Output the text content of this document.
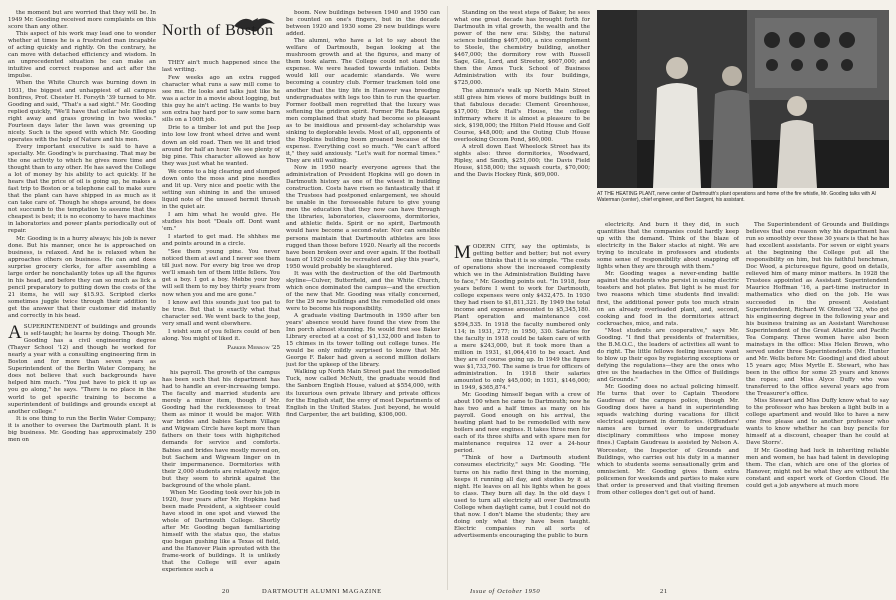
the moment but are worried that they will be. In 1949 Mr. Gooding received more complaints on this score than any other.

This aspect of his work may lead one to wonder whether at times he is a frustrated man incapable of acting quickly and rightly. On the contrary, he can move with detached efficiency and wisdom. In an unprecedented situation he can make an intuitive and correct response and act after the impulse.

When the White Church was burning down in 1931, the biggest and unhappiest of all campus bonfires, Prof. Chester H. Forsyth '39 turned to Mr. Gooding and said, "That's a sad sight." Mr. Gooding replied quickly, "We'll have that cellar hole filled up right away and grass growing in two weeks." Fourteen days later the lawn was greening up nicely. Such is the speed with which Mr. Gooding operates with the help of Nature and his men.

Every important executive is said to have a specialty. Mr. Gooding's is purchasing. That may be the one activity to which he gives more time and thought than to any other. He has saved the College a lot of money by his ability to act quickly. If he hears that the price of oil is going up, he makes a fast trip to Boston or a telephone call to make sure that the plant can have shipped in as much as it can take care of. Though he shops around, he does not succumb to the temptation to assume that the cheapest is best; it is no economy to have machines in laboratories and power plants periodically out of repair.

Mr. Gooding is in a hurry always; his job is never done. But his manner, once he is approached on business, is relaxed. And he is relaxed when he approaches others on business. He can and does surprise grocery clerks, for after assembling a large order he nonchalantly totes up all the figures in his head, and before they can so much as lick a pencil preparatory to putting down the costs of the 21 items, he will say $15.93. Scripted clerks sometimes juggle twice through their addition to get the answer that their customer did instantly and correctly in his head.

ASUPERINTENDENT of buildings and grounds is self-taught; he learns by doing. Though Mr. Gooding has a civil engineering degree (Thayer School '12) and though he worked for nearly a year with a consulting engineering firm in Boston and for more than seven years as Superintendent of the Berlin Water Company, he does not believe that such backgrounds have helped him much. "You just have to pick it up as you go along," he says. "There is no place in the world to get specific training to become a superintendent of buildings and grounds except at another college."

It is one thing to run the Berlin Water Company; it is another to oversee the Dartmouth plant. It is big business. Mr. Gooding has approximately 250 men on

North of Boston

THEY ain't much happened since the last writing.

Few weeks ago an extra rugged character what runs a saw mill come to see me. He looks and talks just like he was a actor in a movie about logging, but this guy he ain't acting. He wants to buy son extra hay hard por to saw some barn sills on a 100ft job.

Drie to a timber lot and put the Jeep into low low front wheel drive and went down an old road. Then we lit and tried around for half an hour. We see plenty of big pine. This character allowed as how they was just what he wanted.

We come to a big clearing and slumped down onto the moss and pine needles and lit up. Very nice and poetic with the setting sun shining in and the unused liquid note of the unused hermit thrush in the quiet air.

I am him what he would give. He studies his boot "Deals off. Dont want 'em."

I started to get mad. He shhhes me and points around in a circle.

"See them young pine. You never noticed them at awl and I never see them till just now. For every big tree we drop we'll smash ten of them little fellers. You get a boy. I got a boy. Mebbe your boy will sell them to my boy thirty years from now when you and me are gone."

I know awl this sounds just too pat to be true. But that is exactly what that character sed. We went back to the jeep, very small and went elsewhere.

I wisht sum of you fellers could of ben along. You might of liked it.

Parker Merrow '25

his payroll. The growth of the campus has been such that his department has had to handle an ever-increasing tempo. The faculty and married students are merely a minor item, though if Mr. Gooding had the recklessness to treat them as minor it would be major. With war brides and babies Sachem Village and Wigwam Circle have kept more than fathers on their toes with highpitched demands for service and comforts. Babies and brides have mostly moved on, but Sachem and Wigwam linger on in their impermanence. Dormitories with their 2,000 students are relatively major, but they seem to shrink against the background of the whole plant.

When Mr. Gooding took over his job in 1920, four years after Mr. Hopkins had been made President, a sightseer could have stood in one spot and viewed the whole of Dartmouth College. Shortly after Mr. Gooding began familiarizing himself with the status quo, the status quo began gushing like a Texas oil field, and the Hanover Plain sprouted with the frame-work of buildings. It is unlikely that the College will ever again experience such a

boom. New buildings between 1940 and 1950 can be counted on one's fingers, but in the decade between 1920 and 1930 some 29 new buildings were added.

The alumni, who have a lot to say about the welfare of Dartmouth, began looking at the mushroom growth and at the figures, and many of them took alarm. The College could not stand the expense. We were headed towards inflation. Debts would kill our academic standards. We were becoming a country club. Former trackmen told one another that the tiny life in Hanover was breeding undergraduates with legs too thin to run the quarter. Former football men regretted that the luxury was softening the gridiron spirit. Former Phi Beta Kappa men complained that study had become so pleasant as to be insidious and present-day scholarship was sinking to deplorable levels. Most of all, opponents of the Hopkins building boom groaned because of the expense. Everything cost so much. "We can't afford it," they said anxiously. "Let's wait for normal times." They are still waiting.

Now in 1950 nearly everyone agrees that the administration of President Hopkins will go down in Dartmouth history as one of the wisest in building construction. Costs have risen so fantastically that if the Trustees had postponed enlargement, we should be unable in the foreseeable future to give young men the education that they now can have through the libraries, laboratories, classrooms, dormitories, and athletic fields. Spirit or no spirit, Dartmouth would have become a second-rater. Nor can sensible persons maintain that Dartmouth athletes are less rugged than those before 1920. Nearly all the records have been broken over and over again. If the football team of 1920 could be recreated and play this year's, 1950 would probably be slaughtered.

It was with the destruction of the old Dartmouth skyline—Culver, Butterfield, and the White Church, which once dominated the campus—and the erection of the new that Mr. Gooding was vitally concerned, for the 29 new buildings and the remodelled old ones were to become his responsibility.

A graduate visiting Dartmouth in 1950 after ten years' absence would have found the view from the Inn porch almost stunning. He would first see Baker Library erected at a cost of $1,132,000 and listen to 15 chimes in its tower tolling out college tunes. He would be only mildly surprised to know that Mr. George F. Baker had given a second million dollars just for the upkeep of the library.

Walking up North Main Street past the remodelled Tuck, now called McNutt, the graduate would find the Sanborn English House, valued at $554,000, with its luxurious own private library and private offices for the English staff, the envy of most Departments of English in the United States. Just beyond, he would find Carpenter, the art building, $306,000.

Standing on the west steps of Baker, he sees what one great decade has brought forth for Dartmouth in vital growth, the wealth and the power of the new era: Silsby, the natural science building $467,000, a nice complement to Steele, the chemistry building, another $467,000; the dormitory row with Russell Sage, Gile, Lord, and Streeter, $607,000; and then the Amos Tuck School of Business Administration with its four buildings, $725,000.

The alumnus's walk up North Main Street still gives him views of more buildings built in that fabulous decade: Clement Greenhouse, $17,000; Dick Hall's House, the college infirmary where it is almost a pleasure to be sick, $198,000; the Hilton Field House and Golf Course, $48,000; and the Outing Club House overlooking Occom Pond, $60,000.

A stroll down East Wheelock Street has its sights also: three dormitories, Woodward, Ripley, and Smith, $251,000; the Davis Field House, $158,000; the squash courts, $70,000; and the Davis Hockey Rink, $69,000.

MODERN CITY, say the optimists, is getting better and better; but not every one thinks that it is so simple. "The costs of operations show the increased complexity which we in the Administration Building have to face," Mr. Gooding points out. "In 1918, four years before I went to work for Dartmouth, college expenses were only $432,475. In 1930 they had risen to $1,811,321. By 1949 the total income and expense amounted to $5,345,180. Plant operation and maintenance cost $594,535. In 1918 the faculty numbered only 114; in 1931, 277; in 1950, 330. Salaries for the faculty in 1918 could be taken care of with a mere $243,000, but it took more than a million in 1931, $1,064,416 to be exact. And they are of course going up. In 1949 the figure was $1,733,760. The same is true for officers of administration. In 1918 their salaries amounted to only $45,000; in 1931, $146,000; in 1949, $365,874."

Mr. Gooding himself began with a crew of about 100 when he came to Dartmouth; now he has two and a half times as many on his payroll. Good enough on his arrival, the heating plant had to be remodelled with new boilers and new engines. It takes three men for each of its three shifts and with spare men for maintenance requires 12 over a 24-hour period.

"Think of how a Dartmouth student consumes electricity," says Mr. Gooding. "He turns on his radio first thing in the morning, keeps it running all day, and studies by it at night. He leaves on all his lights when he goes to class. They burn all day. In the old days I used to turn all electricity all over Dartmouth College when daylight came, but I could not do that now. I don't blame the students; they are doing only what they have been taught. Electric companies run all sorts of advertisements encouraging the public to burn

AT THE HEATING PLANT, nerve center of Dartmouth's plant operations and home of the fire whistle, Mr. Gooding talks with Al Waterman (center), chief engineer, and Bert Sargent, his assistant.

electricity. And burn it they did, in such quantities that the companies could hardly keep up with the demand. Think of the blaze of electricity in the Baker stacks at night. We are trying to inculcate in professors and students some sense of responsibility about snapping off lights when they are through with them."

Mr. Gooding wages a never-ending battle against the students who persist in using electric toasters and hot plates. But light is he must for two reasons which time students find invalid: first, the additional power puts too much strain on an already overloaded plant, and, second, cooking and food in the dormitories attract cockroaches, mice, and rats.

"Most students are cooperative," says Mr. Gooding. "I find that presidents of fraternities, the B.M.O.C., the leaders of activities all want to do right. The little fellows feeling insecure want to blow up their egos by registering exceptions or defying the regulations—they are the ones who give us the headaches in the Office of Buildings and Grounds."

Mr. Gooding does no actual policing himself. He turns that over to Captain Theodore Gaudreau of the campus police, though Mr. Gooding does have a hand in superintending squads watching during vacations for illicit electrical equipment in dormitories. (Offenders' names are turned over to undergraduate disciplinary committees who impose money fines.) Captain Gaudreau is assisted by Nelson A. Worcester, the Inspector of Grounds and Buildings, who carries out his duty in a manner which to students seems sensationally grim and omniscient. Mr. Gooding gives them extra policemen for weekends and parties to make sure that order is preserved and that visiting firemen from other colleges don't get out of hand.

The Superintendent of Grounds and Buildings believes that one reason why his department has run so smoothly over these 30 years is that he has had excellent assistants. For seven or eight years at the beginning the College put all the responsibility on him, but his faithful henchman, Doc Wood, a picturesque figure, good on details, relieved him of many minor matters. In 1928 the Trustees appointed as Assistant Superintendent Maurice Hoffman '16, a part-time instructor in mathematics who died on the job. He was succeeded in the present Assistant Superintendent, Richard W. Olmsted '32, who got his engineering degree in the following year and his business training as an Assistant Warehouse Superintendent of the Great Atlantic and Pacific Tea Company. Three women have also been mainstays in the office: Miss Helen Brown, who served under three Superintendents (Mr. Hunter and Mr. Wells before Mr. Gooding) and died about 15 years ago; Miss Myrtle E. Stewart, who has been in the office for some 25 years and knows the ropes; and Miss Alyce Duffy who was transferred to the office several years ago from the Treasurer's office.

Miss Stewart and Miss Duffy know what to say to the professor who has broken a light bulb in a college apartment and would like to have a new one free please and to another professor who wants to know whether he can buy pencils for himself at a discount, cheaper than he could at Dave Storrs'.

If Mr. Gooding had luck in inheriting reliable men and women, he has had talent in developing them. The clan, which are one of the glories of Hanover, might not be what they are without the constant and expert work of Gordon Cloud. He could get a job anywhere at much more

20	DARTMOUTH ALUMNI MAGAZINE	Issue of October 1950	21
